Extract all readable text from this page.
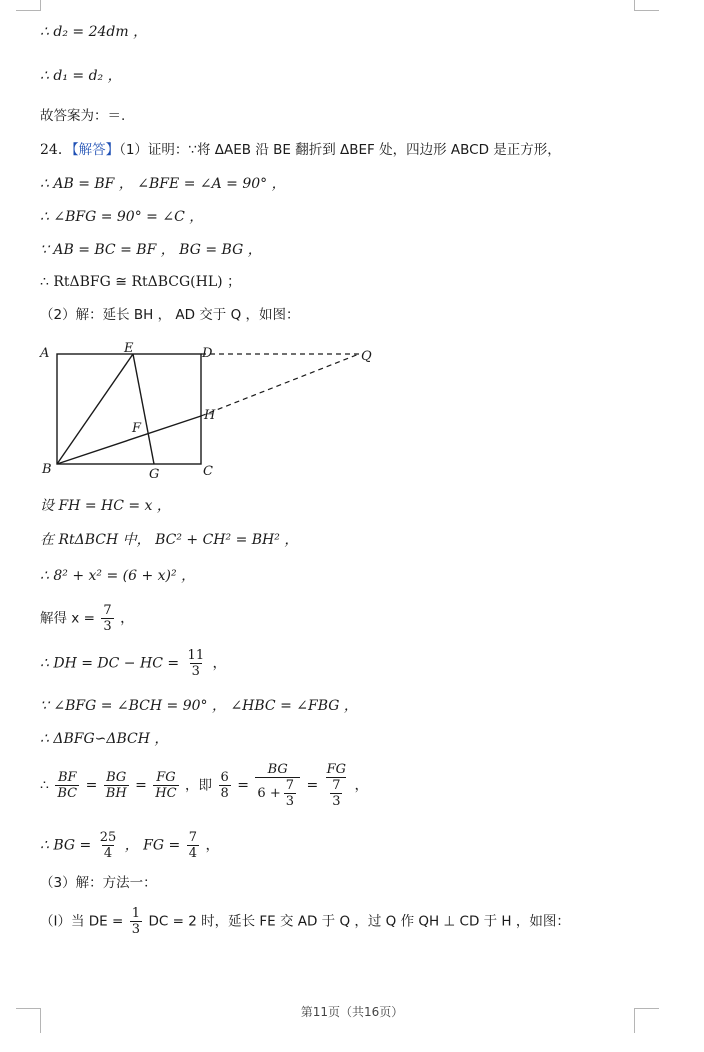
∴ d₂ = 24dm ，
∴ d₁ = d₂ ，
故答案为：＝.
24．【解答】（1）证明：∵将 ΔAEB 沿 BE 翻折到 ΔBEF 处，四边形 ABCD 是正方形，
∴ AB = BF ， ∠BFE = ∠A = 90° ，
∴ ∠BFG = 90° = ∠C ，
∵ AB = BC = BF ， BG = BG ，
∴ RtΔBFG ≅ RtΔBCG(HL) ；
（2）解：延长 BH ， AD 交于 Q ，如图：
A	E	D	Q
H
F
B	G	C
设 FH = HC = x ，
在 RtΔBCH 中， BC² + CH² = BH² ，
∴ 8² + x² = (6 + x)² ，
解得 $x = \frac{7}{3}$ ，
∴ DH = DC − HC = $\frac{11}{3}$ ，
∵ ∠BFG = ∠BCH = 90° ， ∠HBC = ∠FBG ，
∴ ΔBFG∽ΔBCH ，
∴ $\frac{BF}{BC} = \frac{BG}{BH} = \frac{FG}{HC}$ ，即 $\frac{6}{8} = \frac{BG}{6 + \frac{7}{3}} = \frac{FG}{\frac{7}{3}}$ ，
∴ BG = $\frac{25}{4}$ ， FG = $\frac{7}{4}$ ，
（3）解：方法一：
（Ⅰ）当 DE = $\frac{1}{3}$ DC = 2 时，延长 FE 交 AD 于 Q ，过 Q 作 QH ⊥ CD 于 H ，如图：
第11页（共16页）
